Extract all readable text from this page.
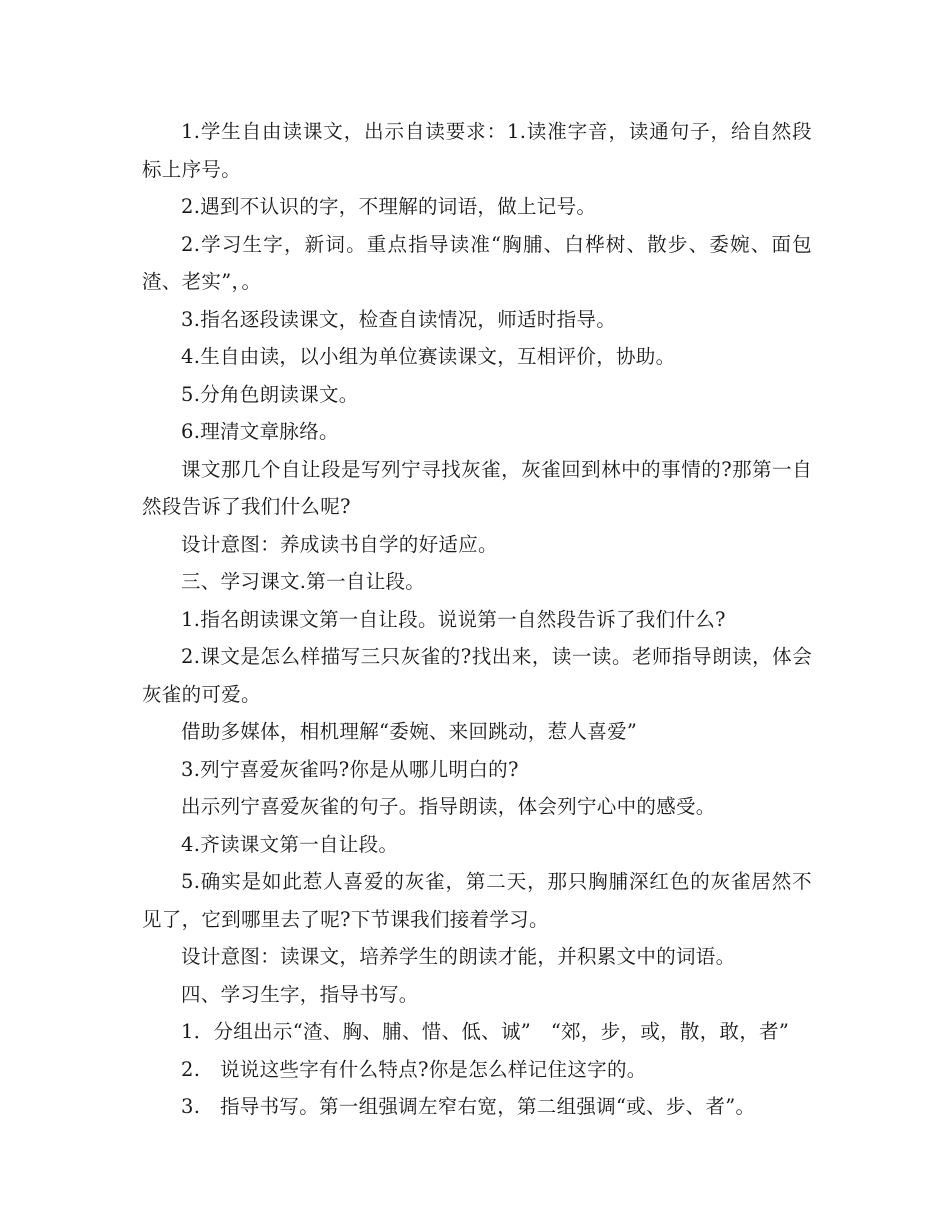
1.学生自由读课文，出示自读要求：1.读准字音，读通句子，给自然段标上序号。

2.遇到不认识的字，不理解的词语，做上记号。

2.学习生字，新词。重点指导读准“胸脯、白桦树、散步、委婉、面包渣、老实”，。

3.指名逐段读课文，检查自读情况，师适时指导。

4.生自由读，以小组为单位赛读课文，互相评价，协助。

5.分角色朗读课文。

6.理清文章脉络。

课文那几个自让段是写列宁寻找灰雀，灰雀回到林中的事情的?那第一自然段告诉了我们什么呢?

设计意图：养成读书自学的好适应。

三、学习课文.第一自让段。

1.指名朗读课文第一自让段。说说第一自然段告诉了我们什么?

2.课文是怎么样描写三只灰雀的?找出来，读一读。老师指导朗读，体会灰雀的可爱。

借助多媒体，相机理解“委婉、来回跳动，惹人喜爱”

3.列宁喜爱灰雀吗?你是从哪儿明白的?

出示列宁喜爱灰雀的句子。指导朗读，体会列宁心中的感受。

4.齐读课文第一自让段。

5.确实是如此惹人喜爱的灰雀，第二天，那只胸脯深红色的灰雀居然不见了，它到哪里去了呢?下节课我们接着学习。

设计意图：读课文，培养学生的朗读才能，并积累文中的词语。

四、学习生字，指导书写。

1．分组出示“渣、胸、脯、惜、低、诚”　“郊，步，或，散，敢，者”

2.　说说这些字有什么特点?你是怎么样记住这字的。

3.　指导书写。第一组强调左窄右宽，第二组强调“或、步、者”。
